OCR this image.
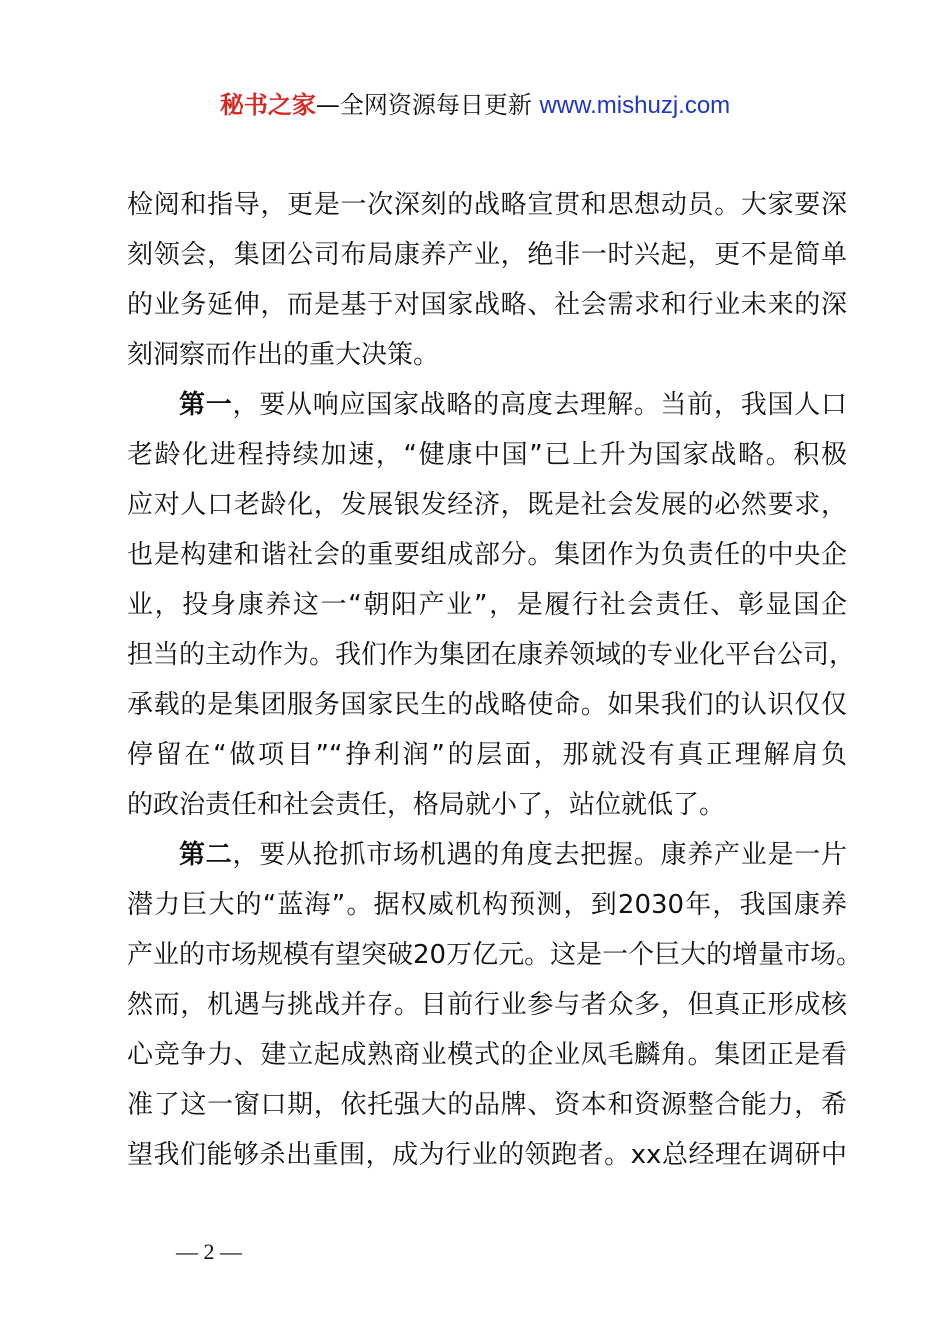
秘书之家—全网资源每日更新 www.mishuzj.com
检阅和指导，更是一次深刻的战略宣贯和思想动员。大家要深
刻领会，集团公司布局康养产业，绝非一时兴起，更不是简单
的业务延伸，而是基于对国家战略、社会需求和行业未来的深
刻洞察而作出的重大决策。
第一，要从响应国家战略的高度去理解。当前，我国人口
老龄化进程持续加速，“健康中国”已上升为国家战略。积极
应对人口老龄化，发展银发经济，既是社会发展的必然要求，
也是构建和谐社会的重要组成部分。集团作为负责任的中央企
业，投身康养这一“朝阳产业”，是履行社会责任、彰显国企
担当的主动作为。我们作为集团在康养领域的专业化平台公司，
承载的是集团服务国家民生的战略使命。如果我们的认识仅仅
停留在“做项目”“挣利润”的层面，那就没有真正理解肩负
的政治责任和社会责任，格局就小了，站位就低了。
第二，要从抢抓市场机遇的角度去把握。康养产业是一片
潜力巨大的“蓝海”。据权威机构预测，到2030年，我国康养
产业的市场规模有望突破20万亿元。这是一个巨大的增量市场。
然而，机遇与挑战并存。目前行业参与者众多，但真正形成核
心竞争力、建立起成熟商业模式的企业凤毛麟角。集团正是看
准了这一窗口期，依托强大的品牌、资本和资源整合能力，希
望我们能够杀出重围，成为行业的领跑者。xx总经理在调研中
— 2 —
